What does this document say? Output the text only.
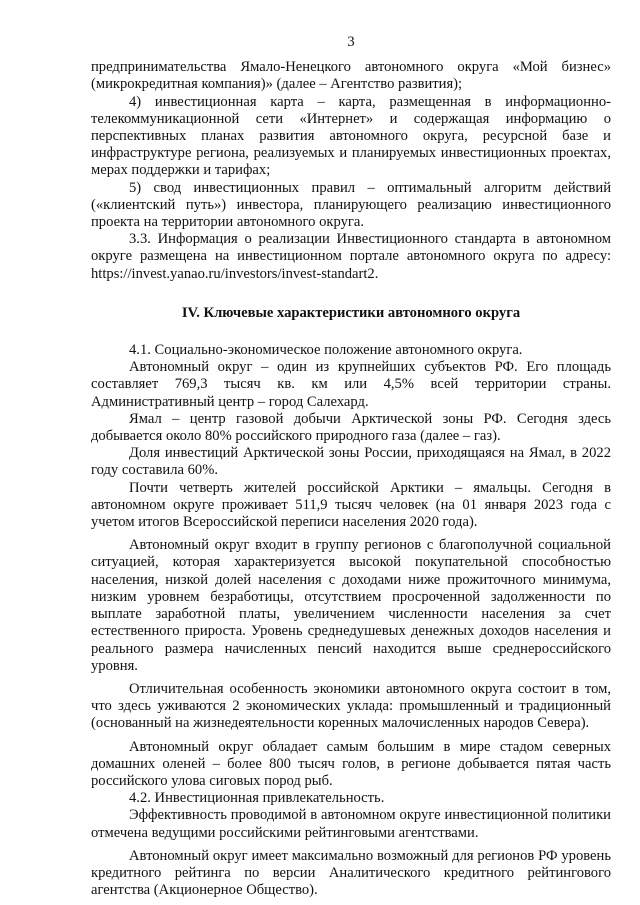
3

предпринимательства Ямало-Ненецкого автономного округа «Мой бизнес» (микрокредитная компания)» (далее – Агентство развития);

4) инвестиционная карта – карта, размещенная в информационно-телекоммуникационной сети «Интернет» и содержащая информацию о перспективных планах развития автономного округа, ресурсной базе и инфраструктуре региона, реализуемых и планируемых инвестиционных проектах, мерах поддержки и тарифах;

5) свод инвестиционных правил – оптимальный алгоритм действий («клиентский путь») инвестора, планирующего реализацию инвестиционного проекта на территории автономного округа.

3.3. Информация о реализации Инвестиционного стандарта в автономном округе размещена на инвестиционном портале автономного округа по адресу: https://invest.yanao.ru/investors/invest-standart2.

IV. Ключевые характеристики автономного округа

4.1. Социально-экономическое положение автономного округа.

Автономный округ – один из крупнейших субъектов РФ. Его площадь составляет 769,3 тысяч кв. км или 4,5% всей территории страны. Административный центр – город Салехард.

Ямал – центр газовой добычи Арктической зоны РФ. Сегодня здесь добывается около 80% российского природного газа (далее – газ).

Доля инвестиций Арктической зоны России, приходящаяся на Ямал, в 2022 году составила 60%.

Почти четверть жителей российской Арктики – ямальцы. Сегодня в автономном округе проживает 511,9 тысяч человек (на 01 января 2023 года с учетом итогов Всероссийской переписи населения 2020 года).

Автономный округ входит в группу регионов с благополучной социальной ситуацией, которая характеризуется высокой покупательной способностью населения, низкой долей населения с доходами ниже прожиточного минимума, низким уровнем безработицы, отсутствием просроченной задолженности по выплате заработной платы, увеличением численности населения за счет естественного прироста. Уровень среднедушевых денежных доходов населения и реального размера начисленных пенсий находится выше среднероссийского уровня.

Отличительная особенность экономики автономного округа состоит в том, что здесь уживаются 2 экономических уклада: промышленный и традиционный (основанный на жизнедеятельности коренных малочисленных народов Севера).

Автономный округ обладает самым большим в мире стадом северных домашних оленей – более 800 тысяч голов, в регионе добывается пятая часть российского улова сиговых пород рыб.

4.2. Инвестиционная привлекательность.

Эффективность проводимой в автономном округе инвестиционной политики отмечена ведущими российскими рейтинговыми агентствами.

Автономный округ имеет максимально возможный для регионов РФ уровень кредитного рейтинга по версии Аналитического кредитного рейтингового агентства (Акционерное Общество).
